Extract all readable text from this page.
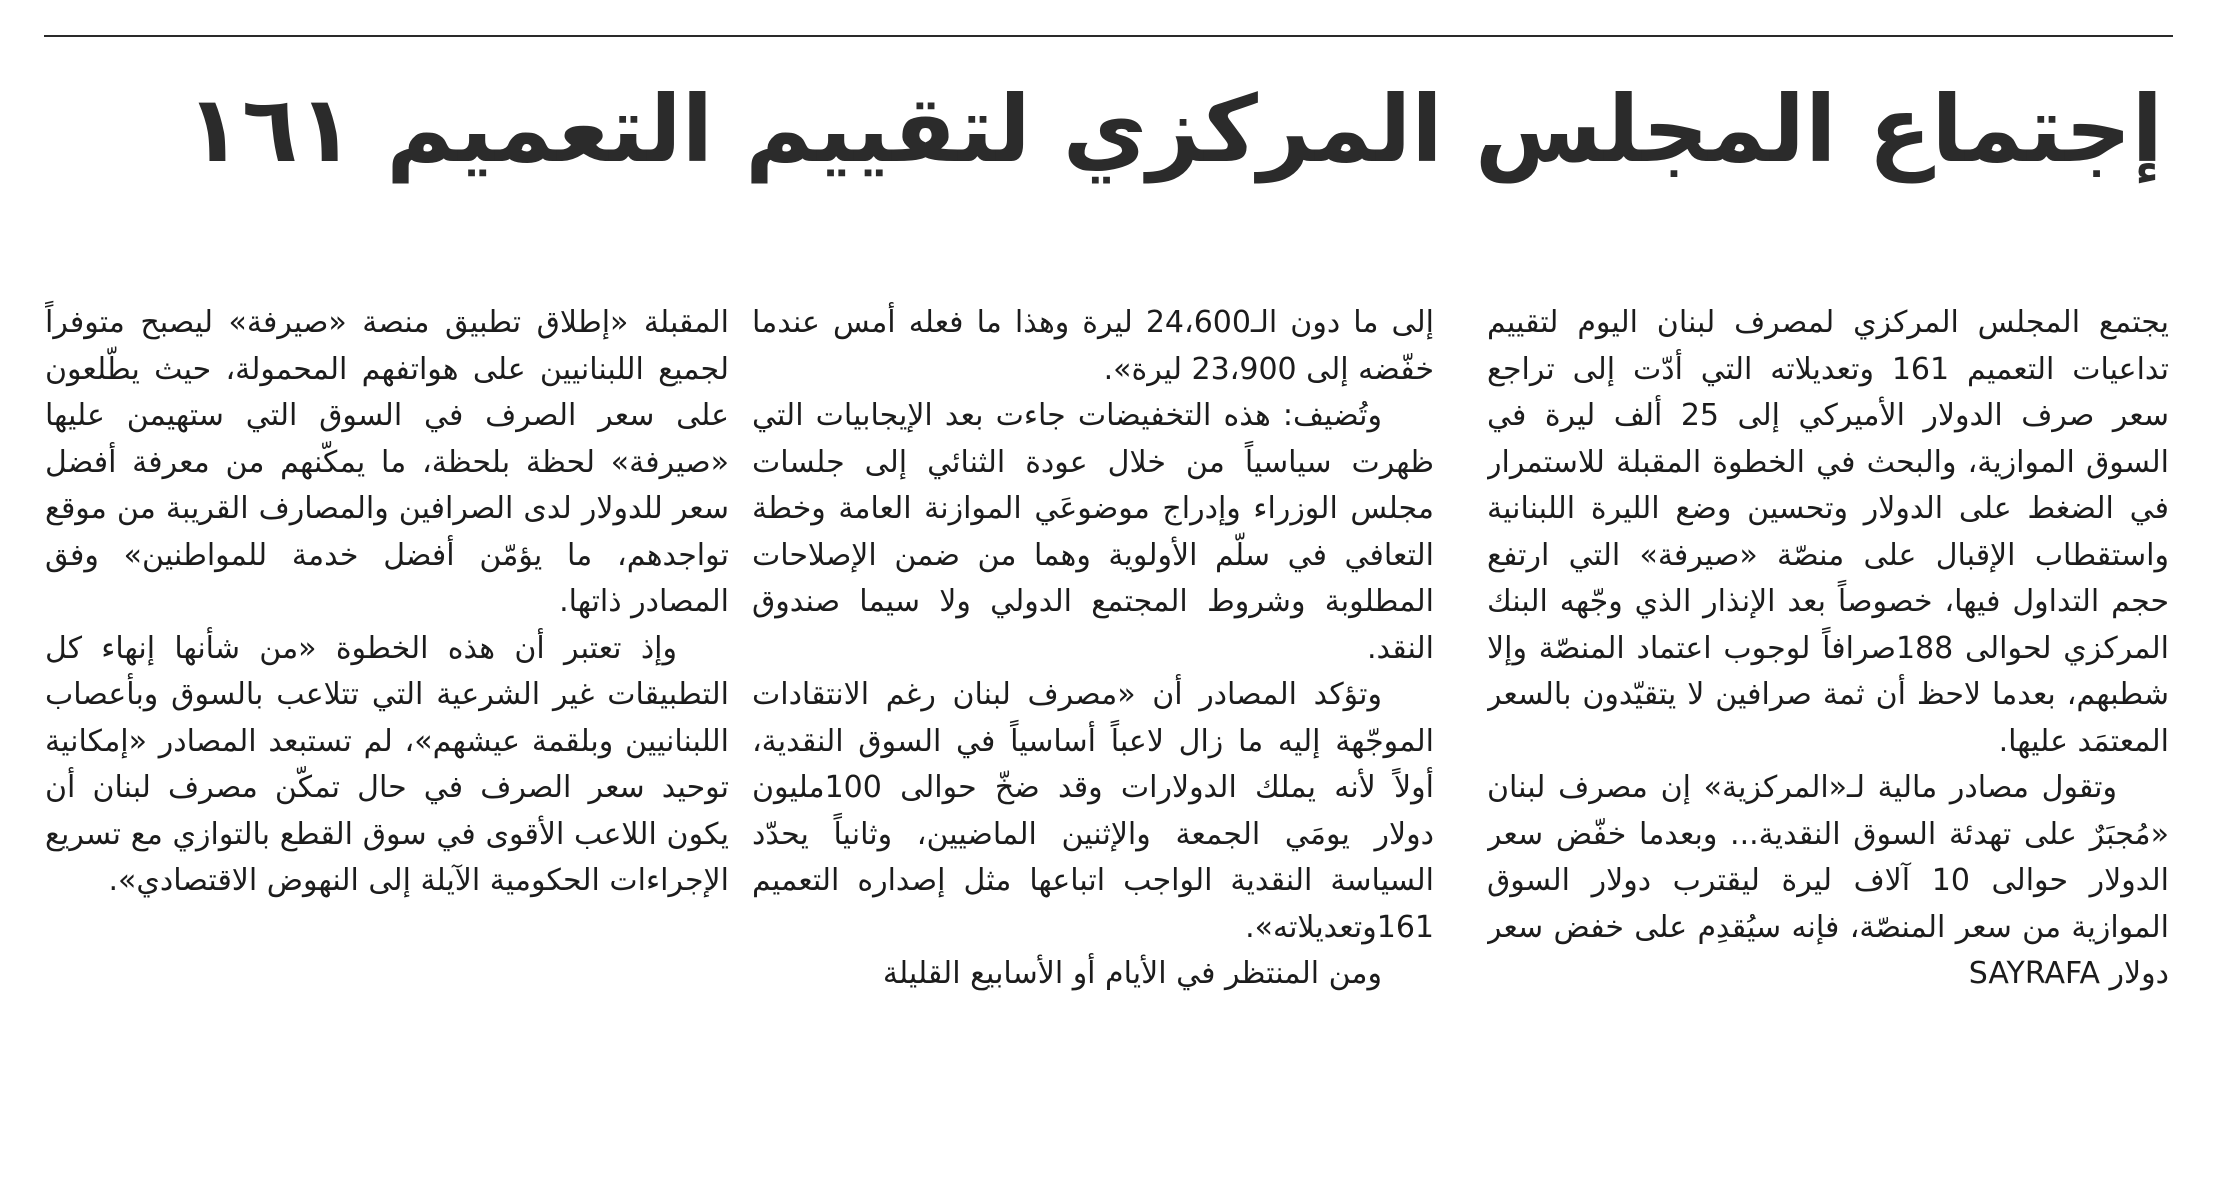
إجتماع المجلس المركزي لتقييم التعميم ١٦١

يجتمع المجلس المركزي لمصرف لبنان اليوم لتقييم تداعيات التعميم 161 وتعديلاته التي أدّت إلى تراجع سعر صرف الدولار الأميركي إلى 25 ألف ليرة في السوق الموازية، والبحث في الخطوة المقبلة للاستمرار في الضغط على الدولار وتحسين وضع الليرة اللبنانية واستقطاب الإقبال على منصّة «صيرفة» التي ارتفع حجم التداول فيها، خصوصاً بعد الإنذار الذي وجّهه البنك المركزي لحوالى 188صرافاً لوجوب اعتماد المنصّة وإلا شطبهم، بعدما لاحظ أن ثمة صرافين لا يتقيّدون بالسعر المعتمَد عليها.

وتقول مصادر مالية لـ«المركزية» إن مصرف لبنان «مُجبَرٌ على تهدئة السوق النقدية... وبعدما خفّض سعر الدولار حوالى 10 آلاف ليرة ليقترب دولار السوق الموازية من سعر المنصّة، فإنه سيُقدِم على خفض سعر دولار SAYRAFA

إلى ما دون الـ24،600 ليرة وهذا ما فعله أمس عندما خفّضه إلى 23،900 ليرة».

وتُضيف: هذه التخفيضات جاءت بعد الإيجابيات التي ظهرت سياسياً من خلال عودة الثنائي إلى جلسات مجلس الوزراء وإدراج موضوعَي الموازنة العامة وخطة التعافي في سلّم الأولوية وهما من ضمن الإصلاحات المطلوبة وشروط المجتمع الدولي ولا سيما صندوق النقد.

وتؤكد المصادر أن «مصرف لبنان رغم الانتقادات الموجّهة إليه ما زال لاعباً أساسياً في السوق النقدية، أولاً لأنه يملك الدولارات وقد ضخّ حوالى 100مليون دولار يومَي الجمعة والإثنين الماضيين، وثانياً يحدّد السياسة النقدية الواجب اتباعها مثل إصداره التعميم 161وتعديلاته».

ومن المنتظر في الأيام أو الأسابيع القليلة

المقبلة «إطلاق تطبيق منصة «صيرفة» ليصبح متوفراً لجميع اللبنانيين على هواتفهم المحمولة، حيث يطّلعون على سعر الصرف في السوق التي ستهيمن عليها «صيرفة» لحظة بلحظة، ما يمكّنهم من معرفة أفضل سعر للدولار لدى الصرافين والمصارف القريبة من موقع تواجدهم، ما يؤمّن أفضل خدمة للمواطنين» وفق المصادر ذاتها.

وإذ تعتبر أن هذه الخطوة «من شأنها إنهاء كل التطبيقات غير الشرعية التي تتلاعب بالسوق وبأعصاب اللبنانيين وبلقمة عيشهم»، لم تستبعد المصادر «إمكانية توحيد سعر الصرف في حال تمكّن مصرف لبنان أن يكون اللاعب الأقوى في سوق القطع بالتوازي مع تسريع الإجراءات الحكومية الآيلة إلى النهوض الاقتصادي».
